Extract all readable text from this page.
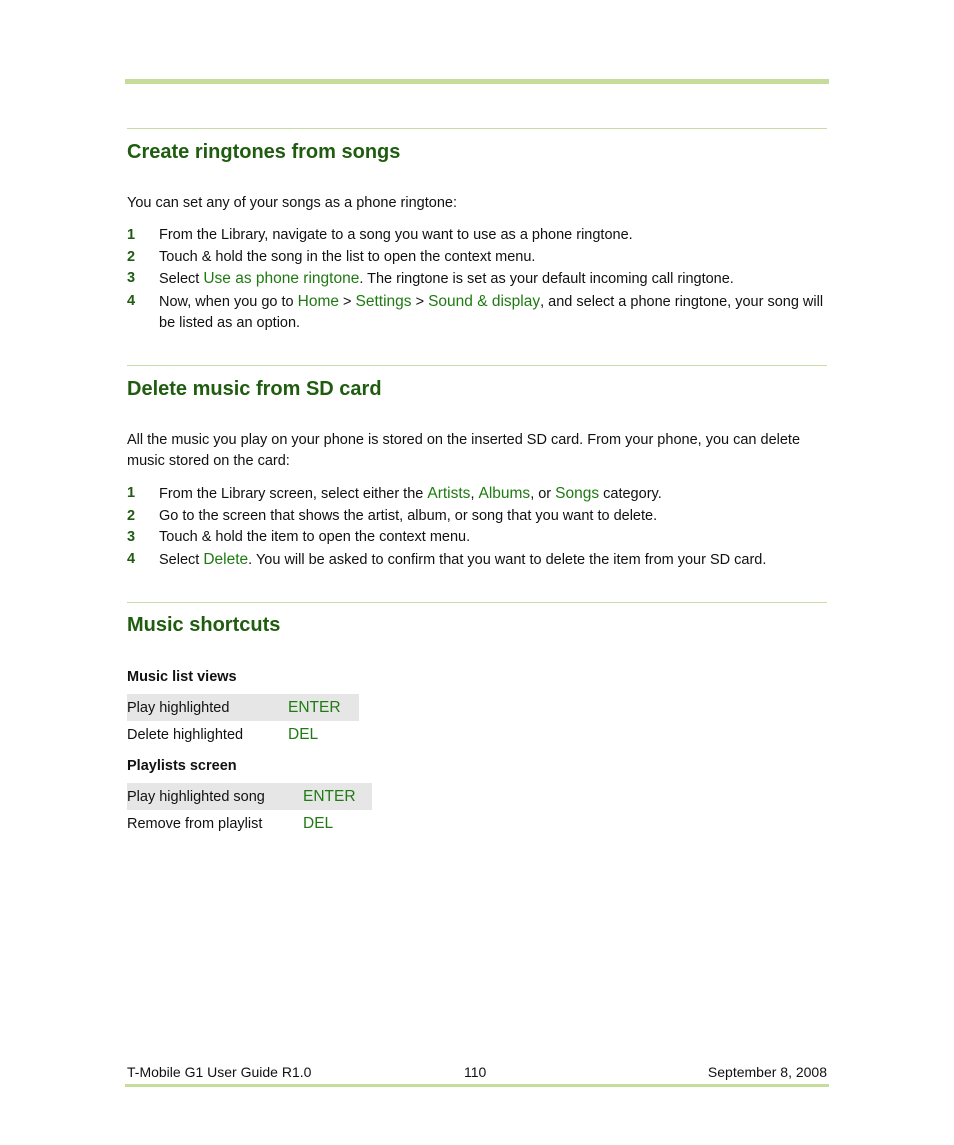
Create ringtones from songs

You can set any of your songs as a phone ringtone:

1 From the Library, navigate to a song you want to use as a phone ringtone.
2 Touch & hold the song in the list to open the context menu.
3 Select Use as phone ringtone. The ringtone is set as your default incoming call ringtone.
4 Now, when you go to Home > Settings > Sound & display, and select a phone ringtone, your song will be listed as an option.
Delete music from SD card

All the music you play on your phone is stored on the inserted SD card. From your phone, you can delete music stored on the card:

1 From the Library screen, select either the Artists, Albums, or Songs category.
2 Go to the screen that shows the artist, album, or song that you want to delete.
3 Touch & hold the item to open the context menu.
4 Select Delete. You will be asked to confirm that you want to delete the item from your SD card.
Music shortcuts
Music list views
Play highlighted	ENTER
Delete highlighted	DEL
Playlists screen
Play highlighted song	ENTER
Remove from playlist	DEL
T-Mobile G1 User Guide R1.0	110	September 8, 2008
